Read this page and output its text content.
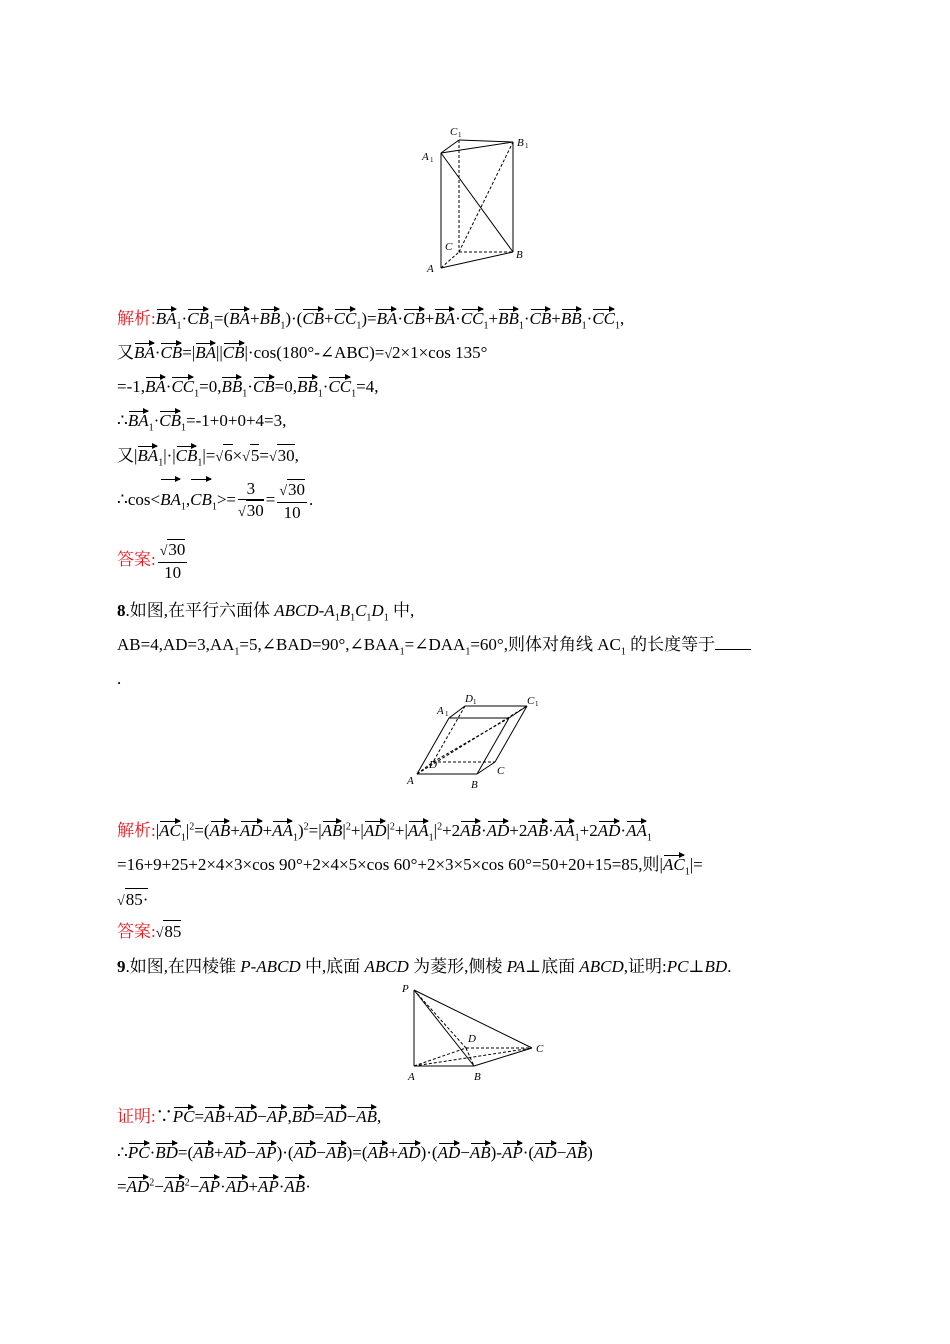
C 1
A 1
B 1
C
A
B
解析$:BA_1\cdot CB_1=(BA+BB_1)\cdot(CB+CC_1)=BA\cdot CB+BA\cdot CC_1+BB_1\cdot CB+BB_1\cdot CC_1$,
又BA·CB=|BA||CB|·cos(180°-∠ABC)=√2×1×cos 135°
$=-1,BA\cdot CC_1=0,BB_1\cdot CB=0,BB_1\cdot CC_1=4$,
$\therefore BA_1\cdot CB_1=-1+0+0+4=3$,
又$|BA_1|\cdot|CB_1|=√6\times√5=√30$,
$\therefore\cos<BA_1,CB_1>= \frac{3}{√30} = \frac{√30}{10}$ .
答案: $\frac{√30}{10}$
8.如图,在平行六面体 ABCD-$A_1B_1C_1D_1$ 中,
$AB=4,AD=3,AA_1=5,\angle BAD=90^\circ,\angle BAA_1=\angle DAA_1=60^\circ$,则体对角线 $AC_1$ 的长度等于
.
A 1
D 1	C 1
D
A	B
C
解析$:|AC_1|^2=(AB+AD+AA_1)^2=|AB|^2+|AD|^2+|AA_1|^2+2AB\cdot AD+2AB\cdot AA_1+2AD\cdot AA_1$
=16+9+25+2×4×3×cos 90°+2×4×5×cos 60°+2×3×5×cos 60°=50+20+15=85,则$|AC_1|=$
√85·
答案:√85
9.如图,在四棱锥 P-ABCD 中,底面 ABCD 为菱形,侧棱 PA⊥底面 ABCD,证明:PC⊥BD.
P
A	B
C
D
证明:∵PC=AB+AD−AP,BD=AD−AB,
∴PC·BD=(AB+AD−AP)·(AD−AB)=(AB+AD)·(AD−AB)-AP·(AD−AB)
$=AD^2-AB^2-AP\cdot AD+AP\cdot AB\cdot$
